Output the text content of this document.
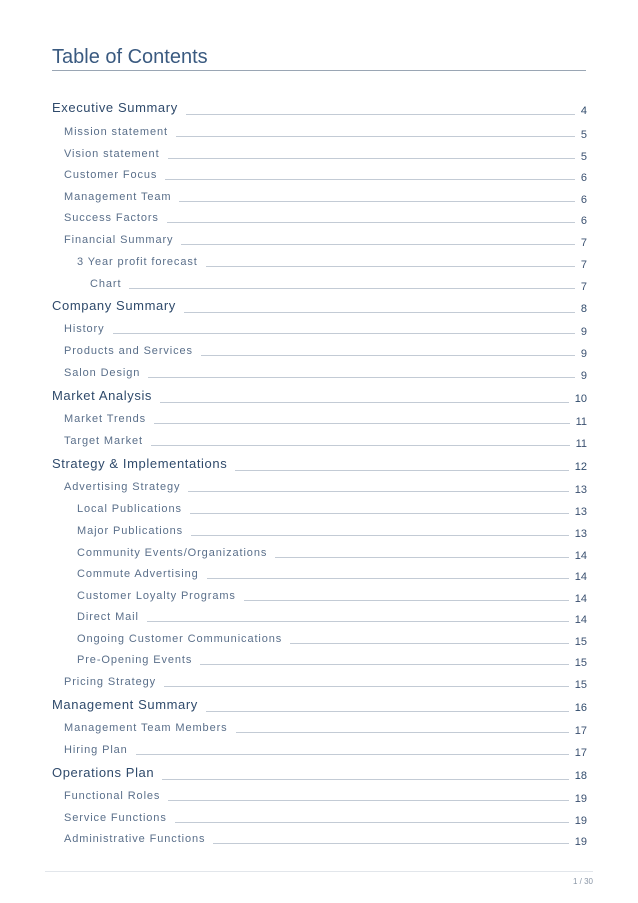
Table of Contents
Executive Summary	4
Mission statement	5
Vision statement	5
Customer Focus	6
Management Team	6
Success Factors	6
Financial Summary	7
3 Year profit forecast	7
Chart	7
Company Summary	8
History	9
Products and Services	9
Salon Design	9
Market Analysis	10
Market Trends	11
Target Market	11
Strategy & Implementations	12
Advertising Strategy	13
Local Publications	13
Major Publications	13
Community Events/Organizations	14
Commute Advertising	14
Customer Loyalty Programs	14
Direct Mail	14
Ongoing Customer Communications	15
Pre-Opening Events	15
Pricing Strategy	15
Management Summary	16
Management Team Members	17
Hiring Plan	17
Operations Plan	18
Functional Roles	19
Service Functions	19
Administrative Functions	19
1 / 30
